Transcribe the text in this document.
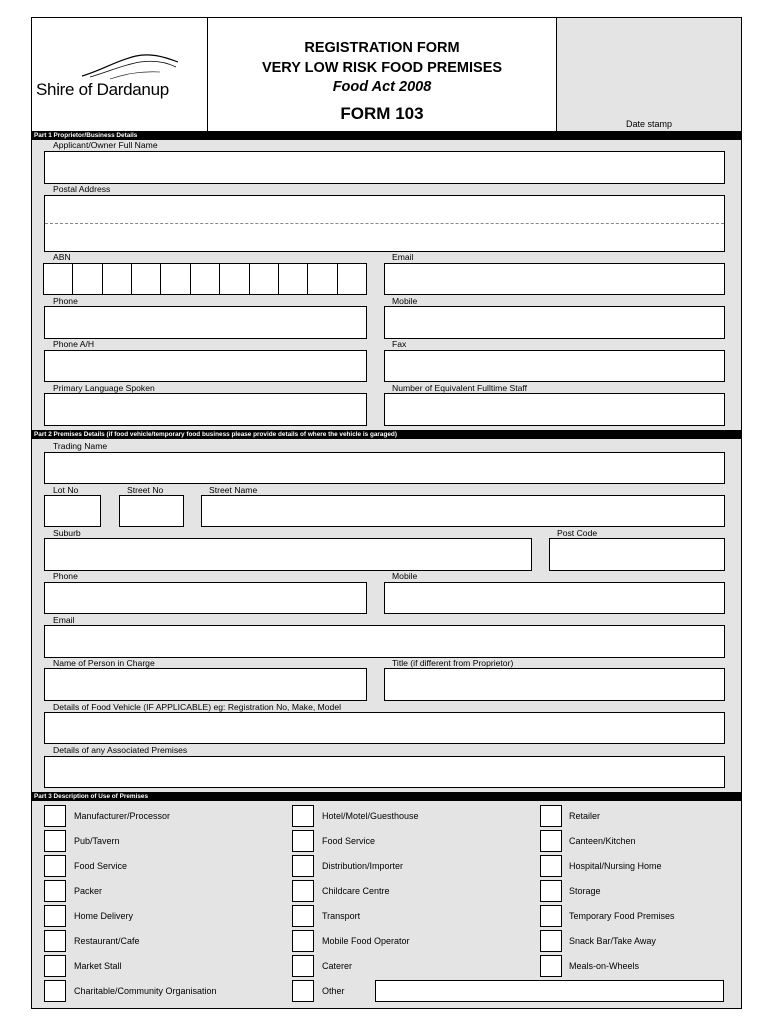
Shire of Dardanup
REGISTRATION FORM
VERY LOW RISK FOOD PREMISES
Food Act 2008
FORM 103
Date stamp
Part 1 Proprietor/Business Details
Applicant/Owner Full Name
Postal Address
ABN	Email
Phone	Mobile
Phone A/H	Fax
Primary Language Spoken	Number of Equivalent Fulltime Staff
Part 2 Premises Details (if food vehicle/temporary food business please provide details of where the vehicle is garaged)
Trading Name
Lot No	Street No	Street Name
Suburb	Post Code
Phone	Mobile
Email
Name of Person in Charge	Title (if different from Proprietor)
Details of Food Vehicle (IF APPLICABLE) eg: Registration No, Make, Model
Details of any Associated Premises
Part 3 Description of Use of Premises
Manufacturer/Processor
Pub/Tavern
Food Service
Packer
Home Delivery
Restaurant/Cafe
Market Stall
Charitable/Community Organisation
Hotel/Motel/Guesthouse
Food Service
Distribution/Importer
Childcare Centre
Transport
Mobile Food Operator
Caterer
Other
Retailer
Canteen/Kitchen
Hospital/Nursing Home
Storage
Temporary Food Premises
Snack Bar/Take Away
Meals-on-Wheels
